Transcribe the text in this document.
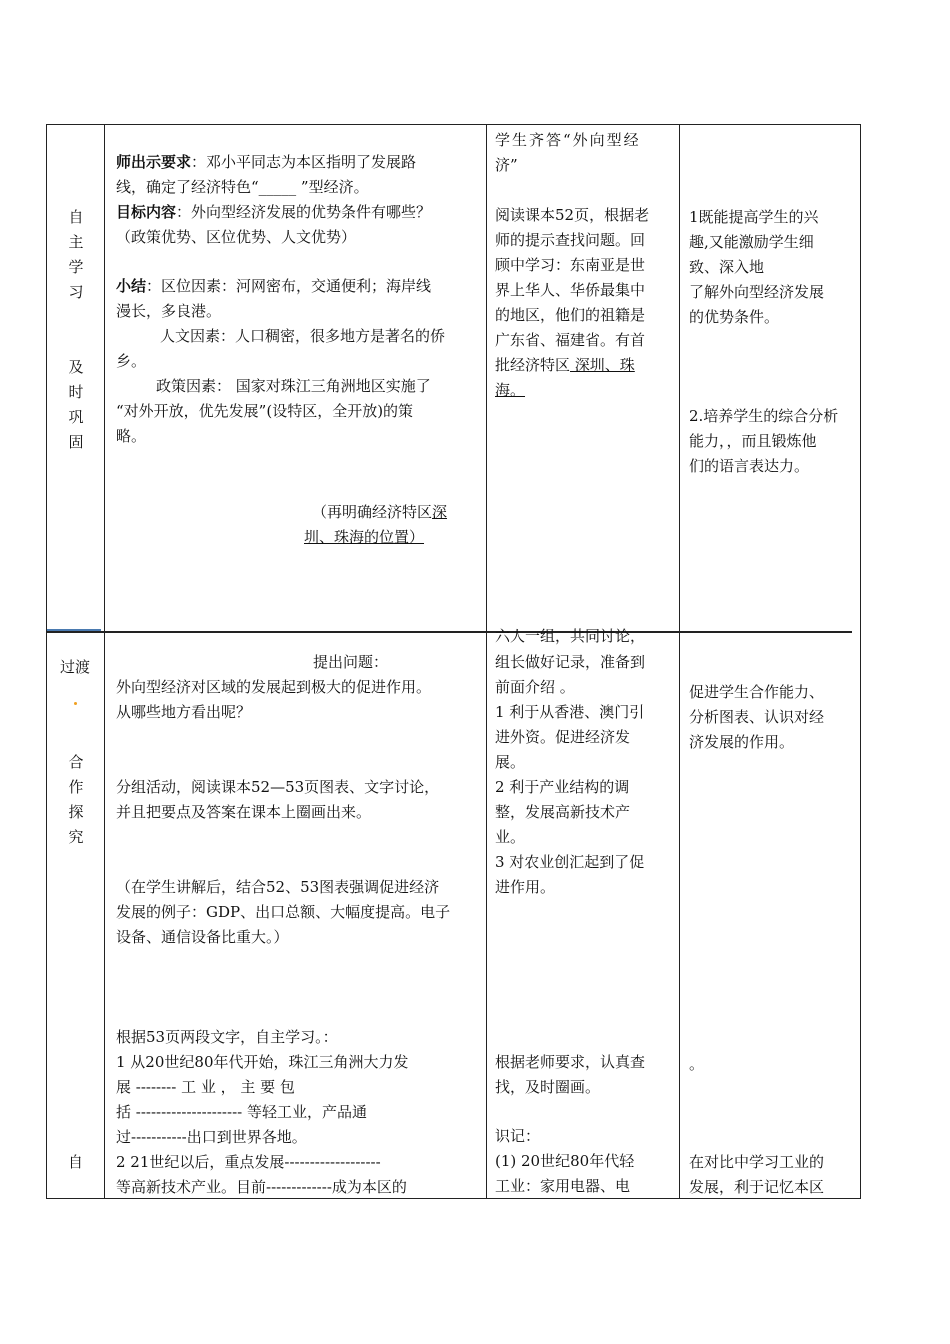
自
主
学
习
及
时
巩
固
师出示要求：邓小平同志为本区指明了发展路
线，确定了经济特色“_____ ”型经济。
目标内容：外向型经济发展的优势条件有哪些？
（政策优势、区位优势、人文优势）
小结：区位因素：河网密布，交通便利；海岸线
漫长，多良港。
人文因素：人口稠密，很多地方是著名的侨
乡。
政策因素： 国家对珠江三角洲地区实施了
“对外开放，优先发展”(设特区，全开放)的策
略。
（再明确经济特区深
圳、珠海的位置）
学生齐答“外向型经
济”
阅读课本52页，根据老
师的提示查找问题。回
顾中学习：东南亚是世
界上华人、华侨最集中
的地区，他们的祖籍是
广东省、福建省。有首
批经济特区 深圳、珠
海。
1既能提高学生的兴
趣,又能激励学生细
致、深入地
了解外向型经济发展
的优势条件。
2.培养学生的综合分析
能力，，而且锻炼他
们的语言表达力。
过渡
合
作
探
究
自
提出问题：
外向型经济对区域的发展起到极大的促进作用。
从哪些地方看出呢？
分组活动，阅读课本52—53页图表、文字讨论，
并且把要点及答案在课本上圈画出来。
（在学生讲解后，结合52、53图表强调促进经济
发展的例子：GDP、出口总额、大幅度提高。电子
设备、通信设备比重大。）
根据53页两段文字，自主学习。：
1 从20世纪80年代开始，珠江三角洲大力发
展 -------- 工 业 ， 主 要 包
括 --------------------- 等轻工业，产品通
过-----------出口到世界各地。
2 21世纪以后，重点发展-------------------
等高新技术产业。目前-------------成为本区的
六人一组，共同讨论，
组长做好记录，准备到
前面介绍 。
1 利于从香港、澳门引
进外资。促进经济发
展。
2 利于产业结构的调
整，发展高新技术产
业。
3 对农业创汇起到了促
进作用。
根据老师要求，认真查
找，及时圈画。
识记：
(1) 20世纪80年代轻
工业：家用电器、电
促进学生合作能力、
分析图表、认识对经
济发展的作用。
。
在对比中学习工业的
发展，利于记忆本区
